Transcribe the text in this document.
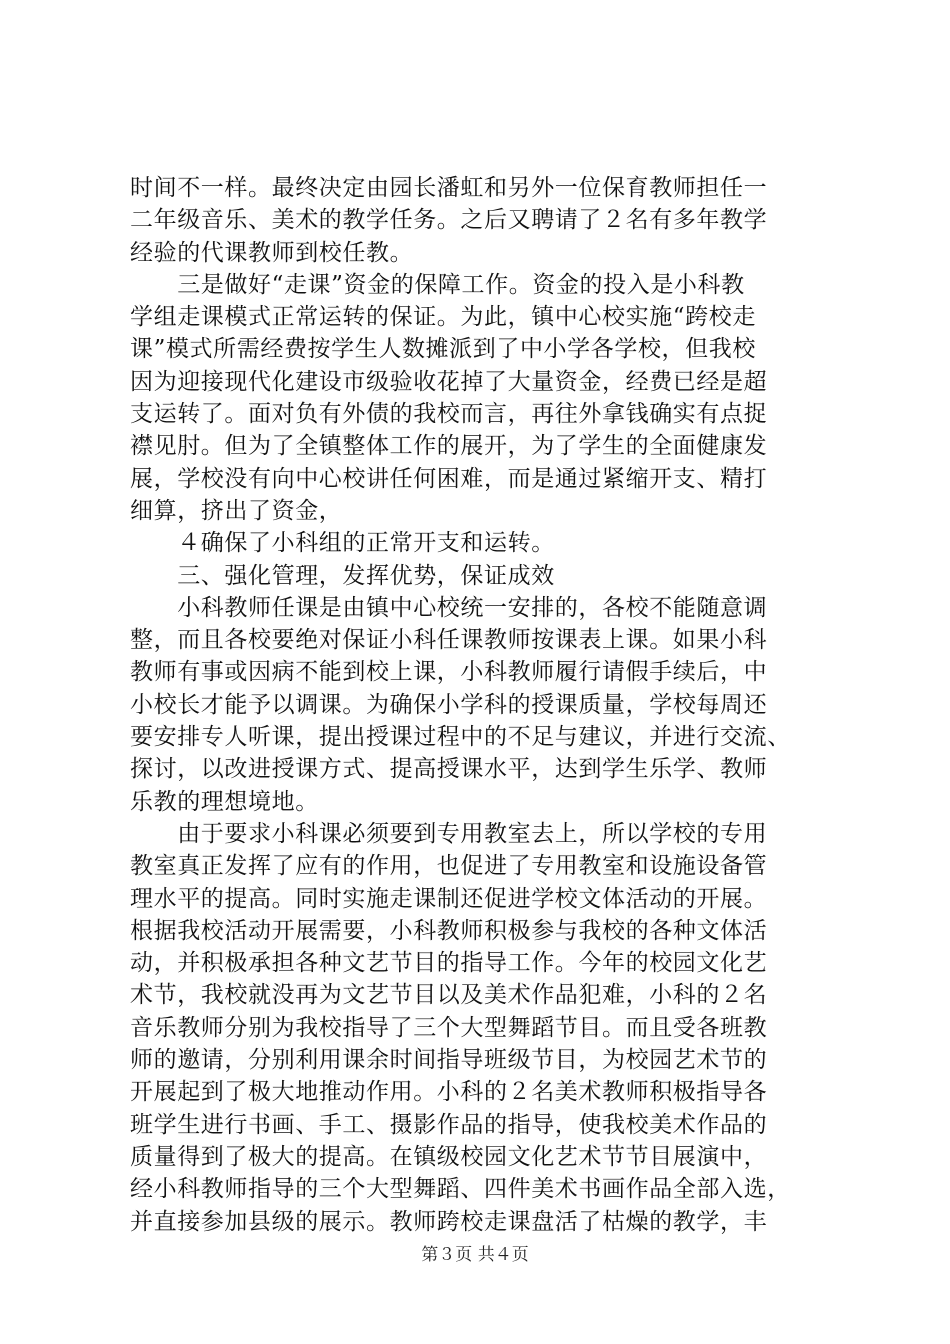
时间不一样。最终决定由园长潘虹和另外一位保育教师担任一
二年级音乐、美术的教学任务。之后又聘请了２名有多年教学
经验的代课教师到校任教。
　　三是做好“走课”资金的保障工作。资金的投入是小科教
学组走课模式正常运转的保证。为此，镇中心校实施“跨校走
课”模式所需经费按学生人数摊派到了中小学各学校，但我校
因为迎接现代化建设市级验收花掉了大量资金，经费已经是超
支运转了。面对负有外债的我校而言，再往外拿钱确实有点捉
襟见肘。但为了全镇整体工作的展开，为了学生的全面健康发
展，学校没有向中心校讲任何困难，而是通过紧缩开支、精打
细算，挤出了资金，
　　４确保了小科组的正常开支和运转。
　　三、强化管理，发挥优势，保证成效
　　小科教师任课是由镇中心校统一安排的，各校不能随意调
整，而且各校要绝对保证小科任课教师按课表上课。如果小科
教师有事或因病不能到校上课，小科教师履行请假手续后，中
小校长才能予以调课。为确保小学科的授课质量，学校每周还
要安排专人听课，提出授课过程中的不足与建议，并进行交流、
探讨，以改进授课方式、提高授课水平，达到学生乐学、教师
乐教的理想境地。
　　由于要求小科课必须要到专用教室去上，所以学校的专用
教室真正发挥了应有的作用，也促进了专用教室和设施设备管
理水平的提高。同时实施走课制还促进学校文体活动的开展。
根据我校活动开展需要，小科教师积极参与我校的各种文体活
动，并积极承担各种文艺节目的指导工作。今年的校园文化艺
术节，我校就没再为文艺节目以及美术作品犯难，小科的２名
音乐教师分别为我校指导了三个大型舞蹈节目。而且受各班教
师的邀请，分别利用课余时间指导班级节目，为校园艺术节的
开展起到了极大地推动作用。小科的２名美术教师积极指导各
班学生进行书画、手工、摄影作品的指导，使我校美术作品的
质量得到了极大的提高。在镇级校园文化艺术节节目展演中，
经小科教师指导的三个大型舞蹈、四件美术书画作品全部入选，
并直接参加县级的展示。教师跨校走课盘活了枯燥的教学，丰
第３页 共４页
